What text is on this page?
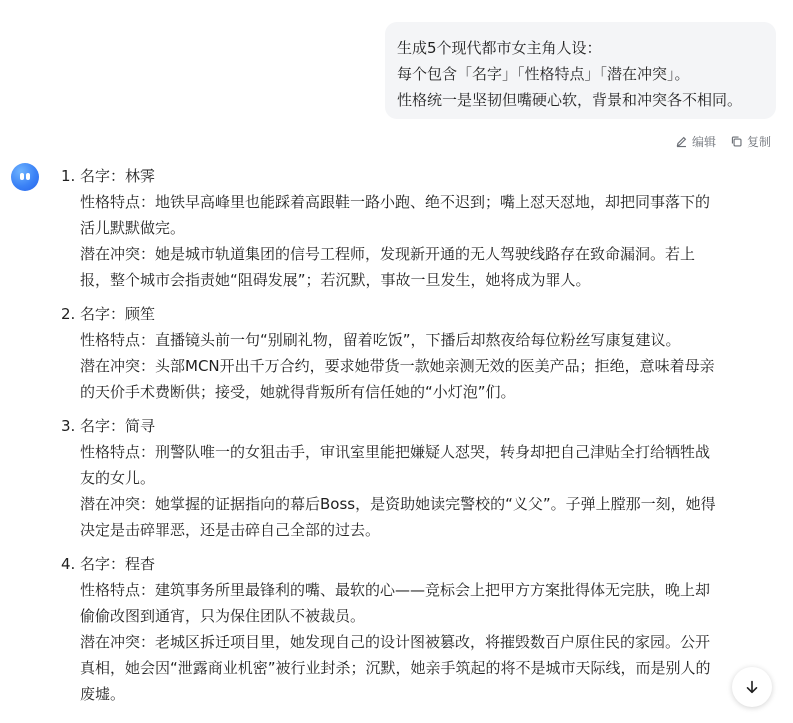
生成5个现代都市女主角人设：
每个包含「名字」「性格特点」「潜在冲突」。
性格统一是坚韧但嘴硬心软，背景和冲突各不相同。
编辑	复制
1. 名字：林霁
性格特点：地铁早高峰里也能踩着高跟鞋一路小跑、绝不迟到；嘴上怼天怼地，却把同事落下的
活儿默默做完。
潜在冲突：她是城市轨道集团的信号工程师，发现新开通的无人驾驶线路存在致命漏洞。若上
报，整个城市会指责她“阻碍发展”；若沉默，事故一旦发生，她将成为罪人。
2. 名字：顾笙
性格特点：直播镜头前一句“别刷礼物，留着吃饭”，下播后却熬夜给每位粉丝写康复建议。
潜在冲突：头部MCN开出千万合约，要求她带货一款她亲测无效的医美产品；拒绝，意味着母亲
的天价手术费断供；接受，她就得背叛所有信任她的“小灯泡”们。
3. 名字：简寻
性格特点：刑警队唯一的女狙击手，审讯室里能把嫌疑人怼哭，转身却把自己津贴全打给牺牲战
友的女儿。
潜在冲突：她掌握的证据指向的幕后Boss，是资助她读完警校的“义父”。子弹上膛那一刻，她得
决定是击碎罪恶，还是击碎自己全部的过去。
4. 名字：程杳
性格特点：建筑事务所里最锋利的嘴、最软的心——竞标会上把甲方方案批得体无完肤，晚上却
偷偷改图到通宵，只为保住团队不被裁员。
潜在冲突：老城区拆迁项目里，她发现自己的设计图被篡改，将摧毁数百户原住民的家园。公开
真相，她会因“泄露商业机密”被行业封杀；沉默，她亲手筑起的将不是城市天际线，而是别人的
废墟。
